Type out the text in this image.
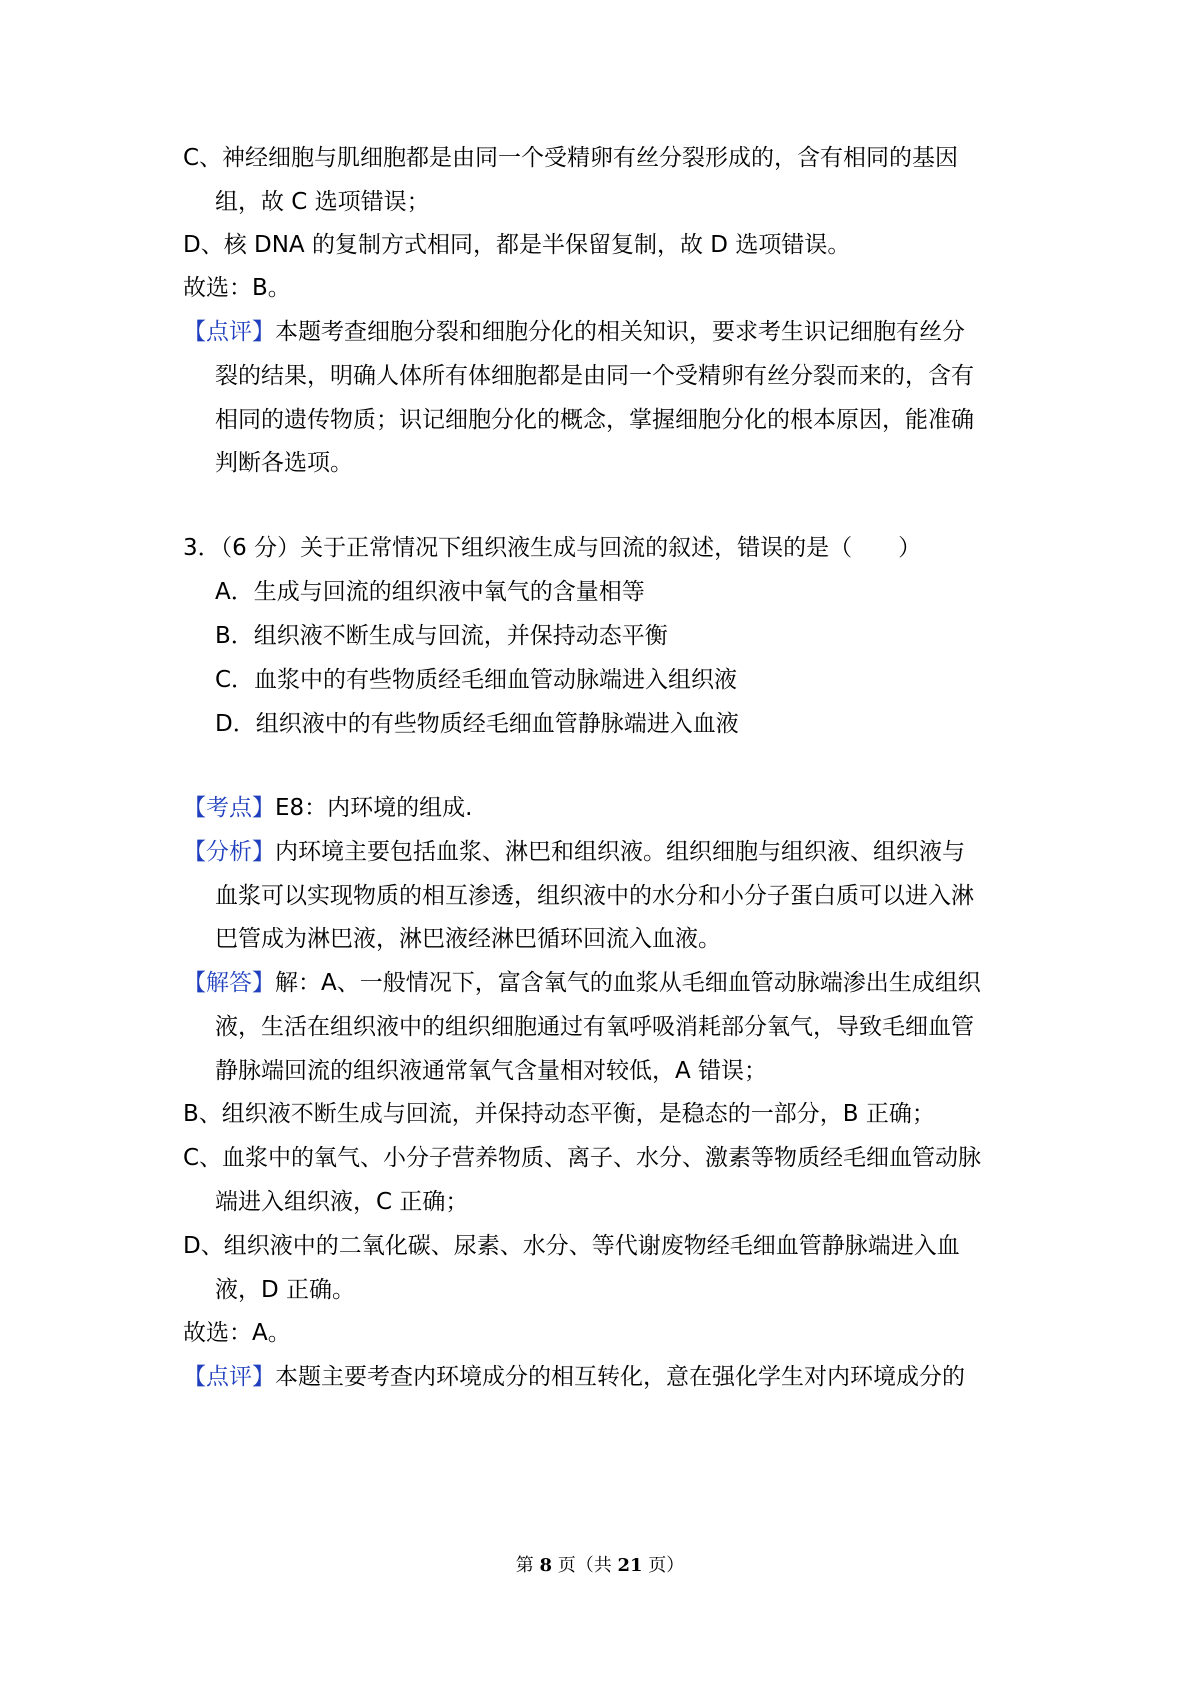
C、神经细胞与肌细胞都是由同一个受精卵有丝分裂形成的，含有相同的基因
组，故 C 选项错误；
D、核 DNA 的复制方式相同，都是半保留复制，故 D 选项错误。
故选：B。
【点评】本题考查细胞分裂和细胞分化的相关知识，要求考生识记细胞有丝分
裂的结果，明确人体所有体细胞都是由同一个受精卵有丝分裂而来的，含有
相同的遗传物质；识记细胞分化的概念，掌握细胞分化的根本原因，能准确
判断各选项。
3．（6 分）关于正常情况下组织液生成与回流的叙述，错误的是（　　）
A．生成与回流的组织液中氧气的含量相等
B．组织液不断生成与回流，并保持动态平衡
C．血浆中的有些物质经毛细血管动脉端进入组织液
D．组织液中的有些物质经毛细血管静脉端进入血液
【考点】E8：内环境的组成.
【分析】内环境主要包括血浆、淋巴和组织液。组织细胞与组织液、组织液与
血浆可以实现物质的相互渗透，组织液中的水分和小分子蛋白质可以进入淋
巴管成为淋巴液，淋巴液经淋巴循环回流入血液。
【解答】解：A、一般情况下，富含氧气的血浆从毛细血管动脉端渗出生成组织
液，生活在组织液中的组织细胞通过有氧呼吸消耗部分氧气，导致毛细血管
静脉端回流的组织液通常氧气含量相对较低，A 错误；
B、组织液不断生成与回流，并保持动态平衡，是稳态的一部分，B 正确；
C、血浆中的氧气、小分子营养物质、离子、水分、激素等物质经毛细血管动脉
端进入组织液，C 正确；
D、组织液中的二氧化碳、尿素、水分、等代谢废物经毛细血管静脉端进入血
液，D 正确。
故选：A。
【点评】本题主要考查内环境成分的相互转化，意在强化学生对内环境成分的
第 8 页（共 21 页）
